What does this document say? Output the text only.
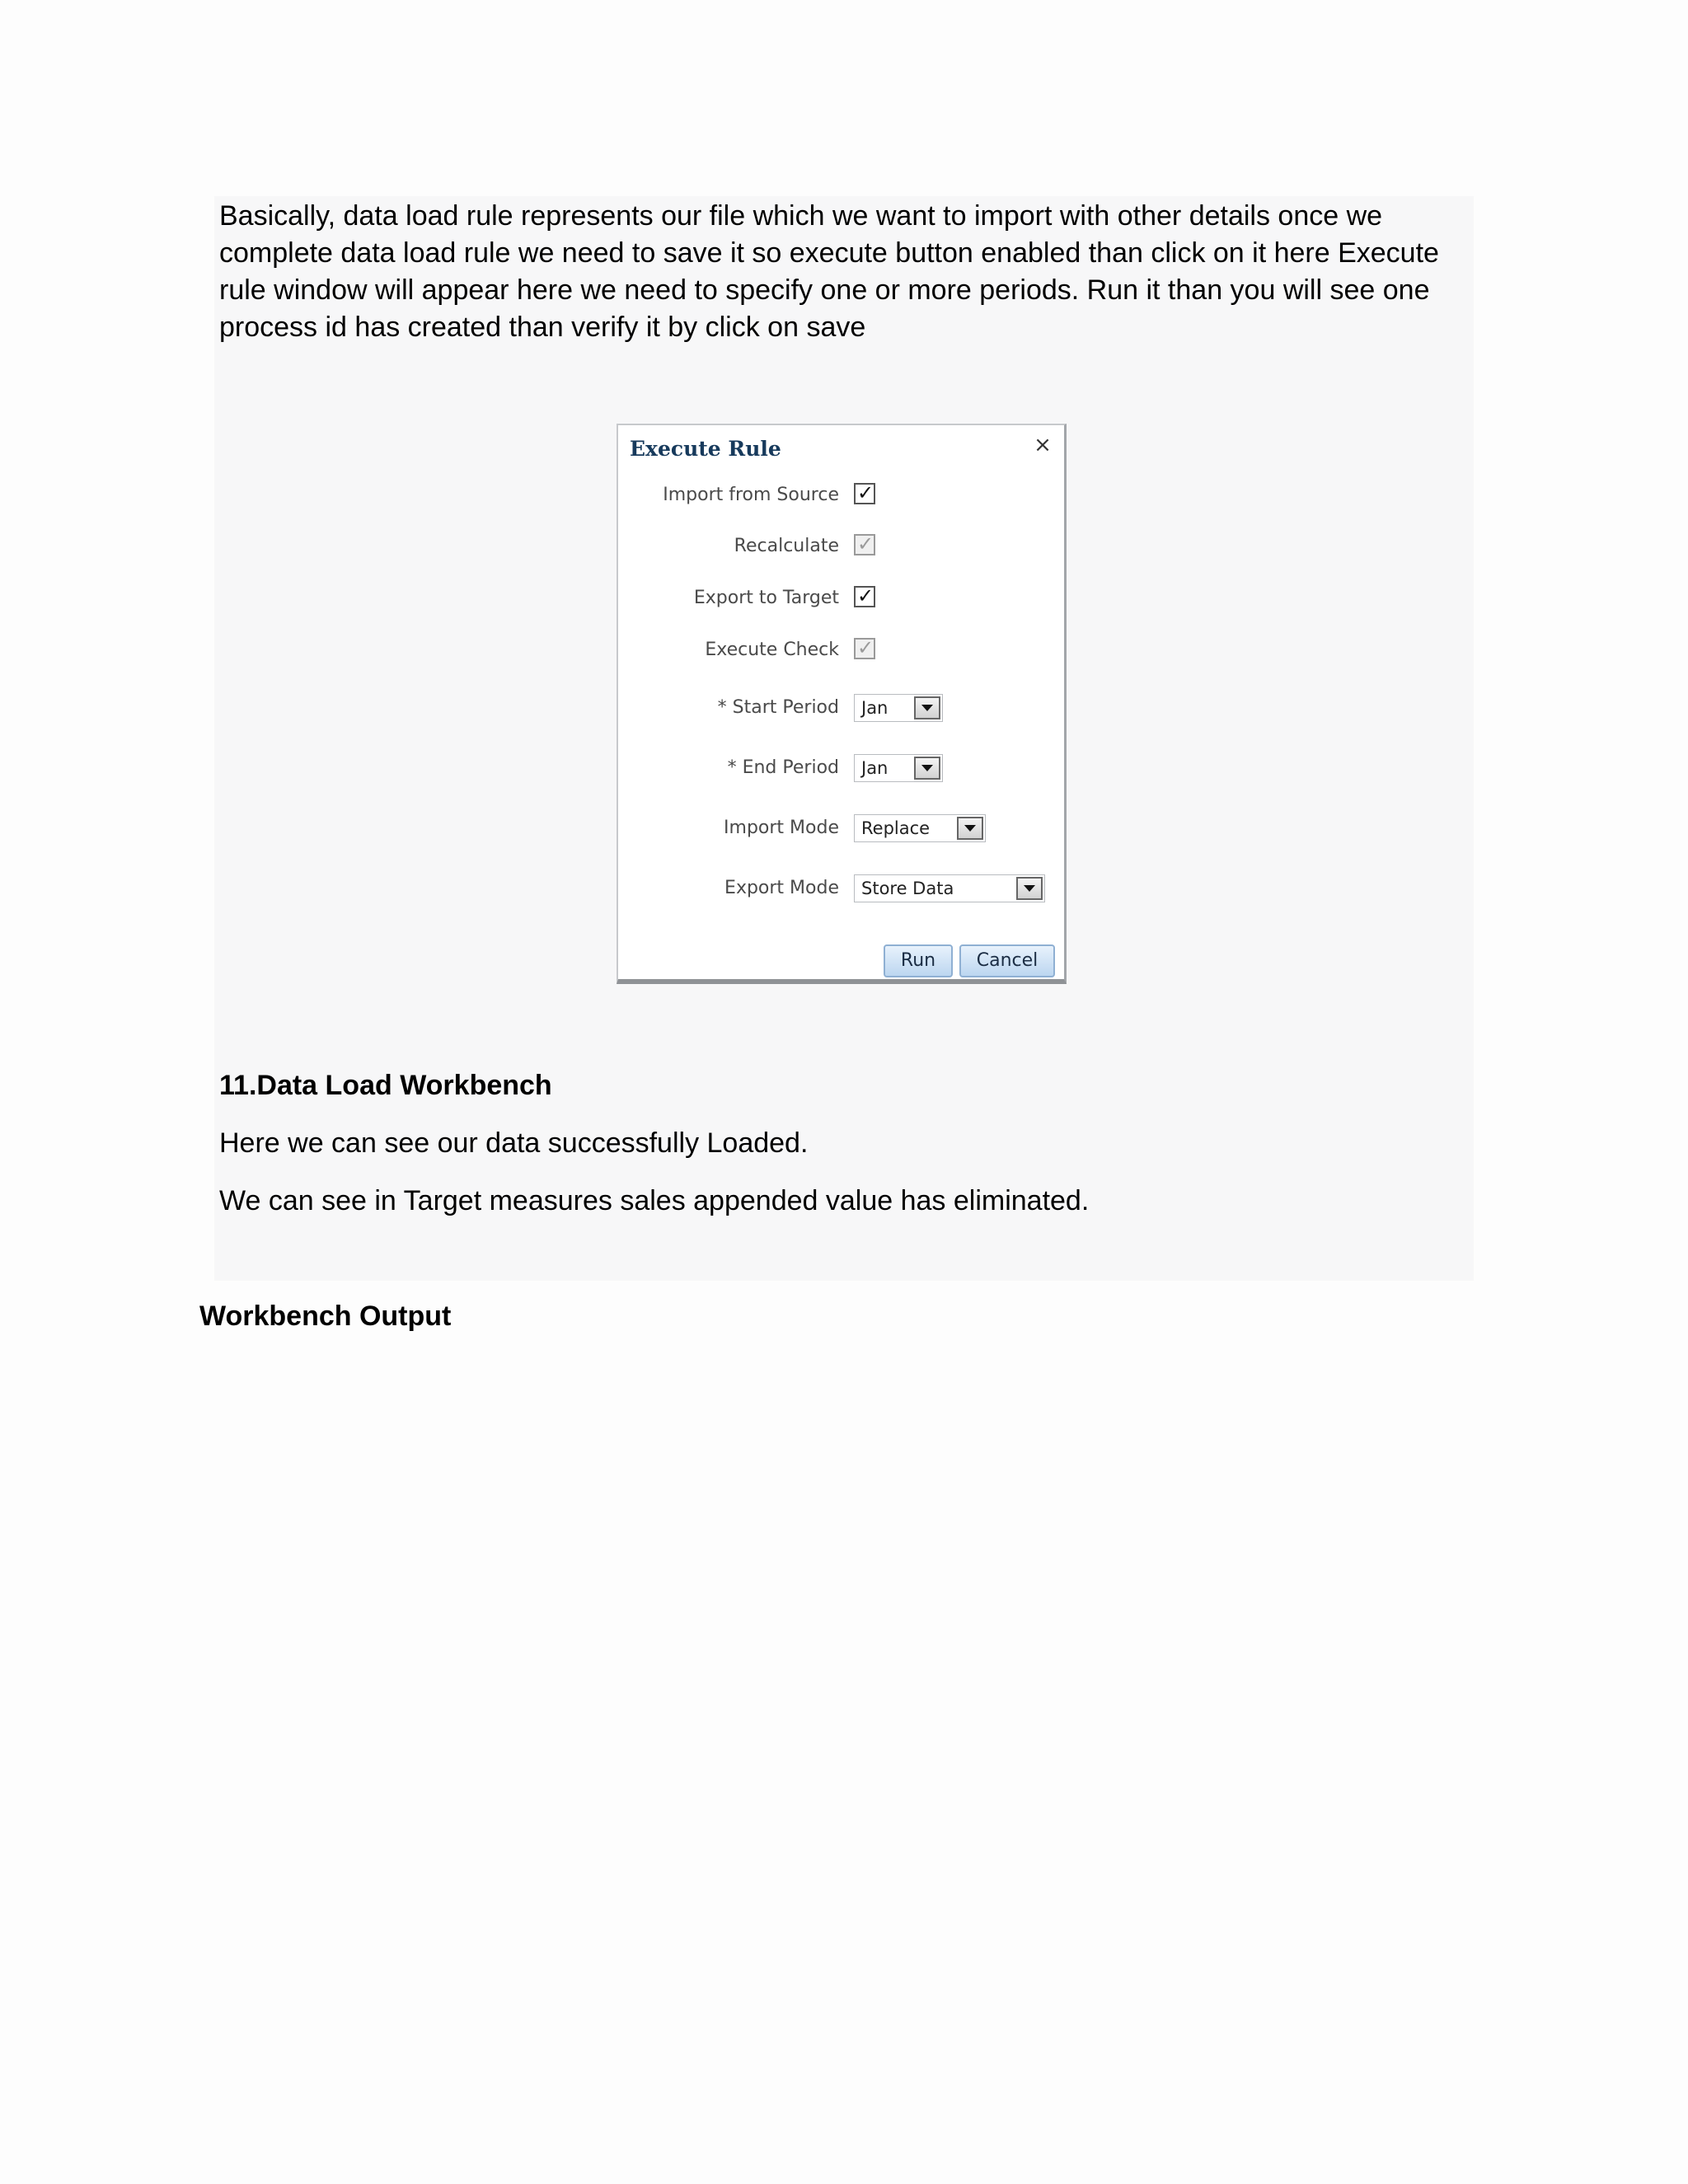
Basically, data load rule represents our file which we want to import with other details once we complete data load rule we need to save it so execute button enabled than click on it here Execute rule window will appear here we need to specify one or more periods. Run it than you will see one process id has created than verify it by click on save

Execute Rule	×
Import from Source ✓
Recalculate ✓
Export to Target ✓
Execute Check ✓
* Start Period Jan
* End Period Jan
Import Mode Replace
Export Mode Store Data
Run	Cancel

11.Data Load Workbench

Here we can see our data successfully Loaded.

We can see in Target measures sales appended value has eliminated.

Workbench Output
